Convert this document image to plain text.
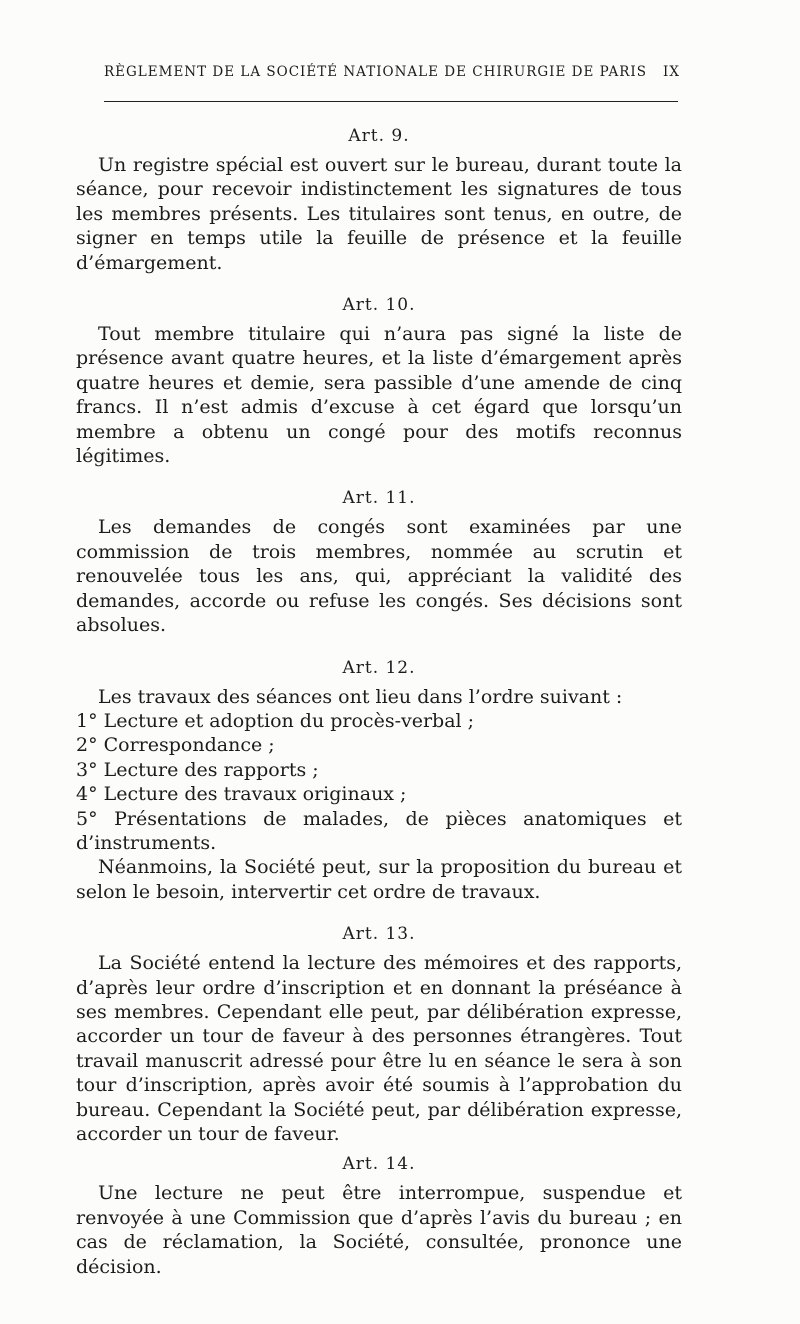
RÈGLEMENT DE LA SOCIÉTÉ NATIONALE DE CHIRURGIE DE PARIS IX
Art. 9.

Un registre spécial est ouvert sur le bureau, durant toute la séance, pour recevoir indistinctement les signatures de tous les membres présents. Les titulaires sont tenus, en outre, de signer en temps utile la feuille de présence et la feuille d’émargement.

Art. 10.

Tout membre titulaire qui n’aura pas signé la liste de présence avant quatre heures, et la liste d’émargement après quatre heures et demie, sera passible d’une amende de cinq francs. Il n’est admis d’excuse à cet égard que lorsqu’un membre a obtenu un congé pour des motifs reconnus légitimes.

Art. 11.

Les demandes de congés sont examinées par une commission de trois membres, nommée au scrutin et renouvelée tous les ans, qui, appréciant la validité des demandes, accorde ou refuse les congés. Ses décisions sont absolues.

Art. 12.

Les travaux des séances ont lieu dans l’ordre suivant :

1° Lecture et adoption du procès-verbal ;

2° Correspondance ;

3° Lecture des rapports ;

4° Lecture des travaux originaux ;

5° Présentations de malades, de pièces anatomiques et d’instruments.

Néanmoins, la Société peut, sur la proposition du bureau et selon le besoin, intervertir cet ordre de travaux.

Art. 13.

La Société entend la lecture des mémoires et des rapports, d’après leur ordre d’inscription et en donnant la préséance à ses membres. Cependant elle peut, par délibération expresse, accorder un tour de faveur à des personnes étrangères. Tout travail manuscrit adressé pour être lu en séance le sera à son tour d’inscription, après avoir été soumis à l’approbation du bureau. Cependant la Société peut, par délibération expresse, accorder un tour de faveur.

Art. 14.

Une lecture ne peut être interrompue, suspendue et renvoyée à une Commission que d’après l’avis du bureau ; en cas de réclamation, la Société, consultée, prononce une décision.
